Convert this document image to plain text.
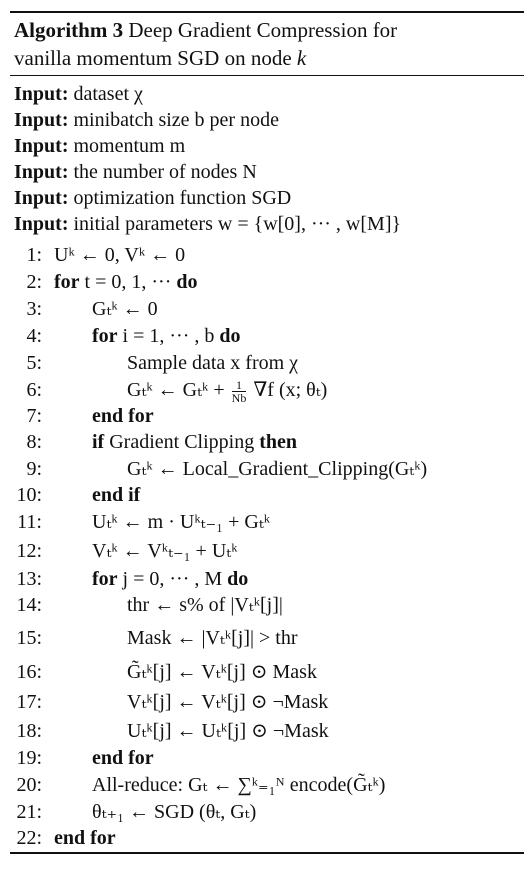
Algorithm 3 Deep Gradient Compression for
vanilla momentum SGD on node k
Input: dataset χ
Input: minibatch size b per node
Input: momentum m
Input: the number of nodes N
Input: optimization function SGD
Input: initial parameters w = {w[0], ··· , w[M]}
1: Uᵏ ← 0, Vᵏ ← 0
2: for t = 0, 1, ··· do
3:	Gₜᵏ ← 0
4:	for i = 1, ··· , b do
5:	Sample data x from χ
6:	Gₜᵏ ← Gₜᵏ + $\frac{1}{Nb} \nabla f$ (x; θₜ)
7:	end for
8:	if Gradient Clipping then
9:	Gₜᵏ ← Local_Gradient_Clipping(Gₜᵏ)
10:	end if
11:	Uₜᵏ ← m · Uᵏₜ₋₁ + Gₜᵏ
12:	Vₜᵏ ← Vᵏₜ₋₁ + Uₜᵏ
13:	for j = 0, ··· , M do
14:	thr ← s% of |Vₜᵏ[j]|
15:	Mask ← |Vₜᵏ[j]| > thr
16:	G̃ₜᵏ[j] ← Vₜᵏ[j] ⊙ Mask
17:	Vₜᵏ[j] ← Vₜᵏ[j] ⊙ ¬Mask
18:	Uₜᵏ[j] ← Uₜᵏ[j] ⊙ ¬Mask
19:	end for
20:	All-reduce: Gₜ ← ∑ᵏ₌₁ᴺ encode(G̃ₜᵏ)
21:	θₜ₊₁ ← SGD (θₜ, Gₜ)
22: end for
